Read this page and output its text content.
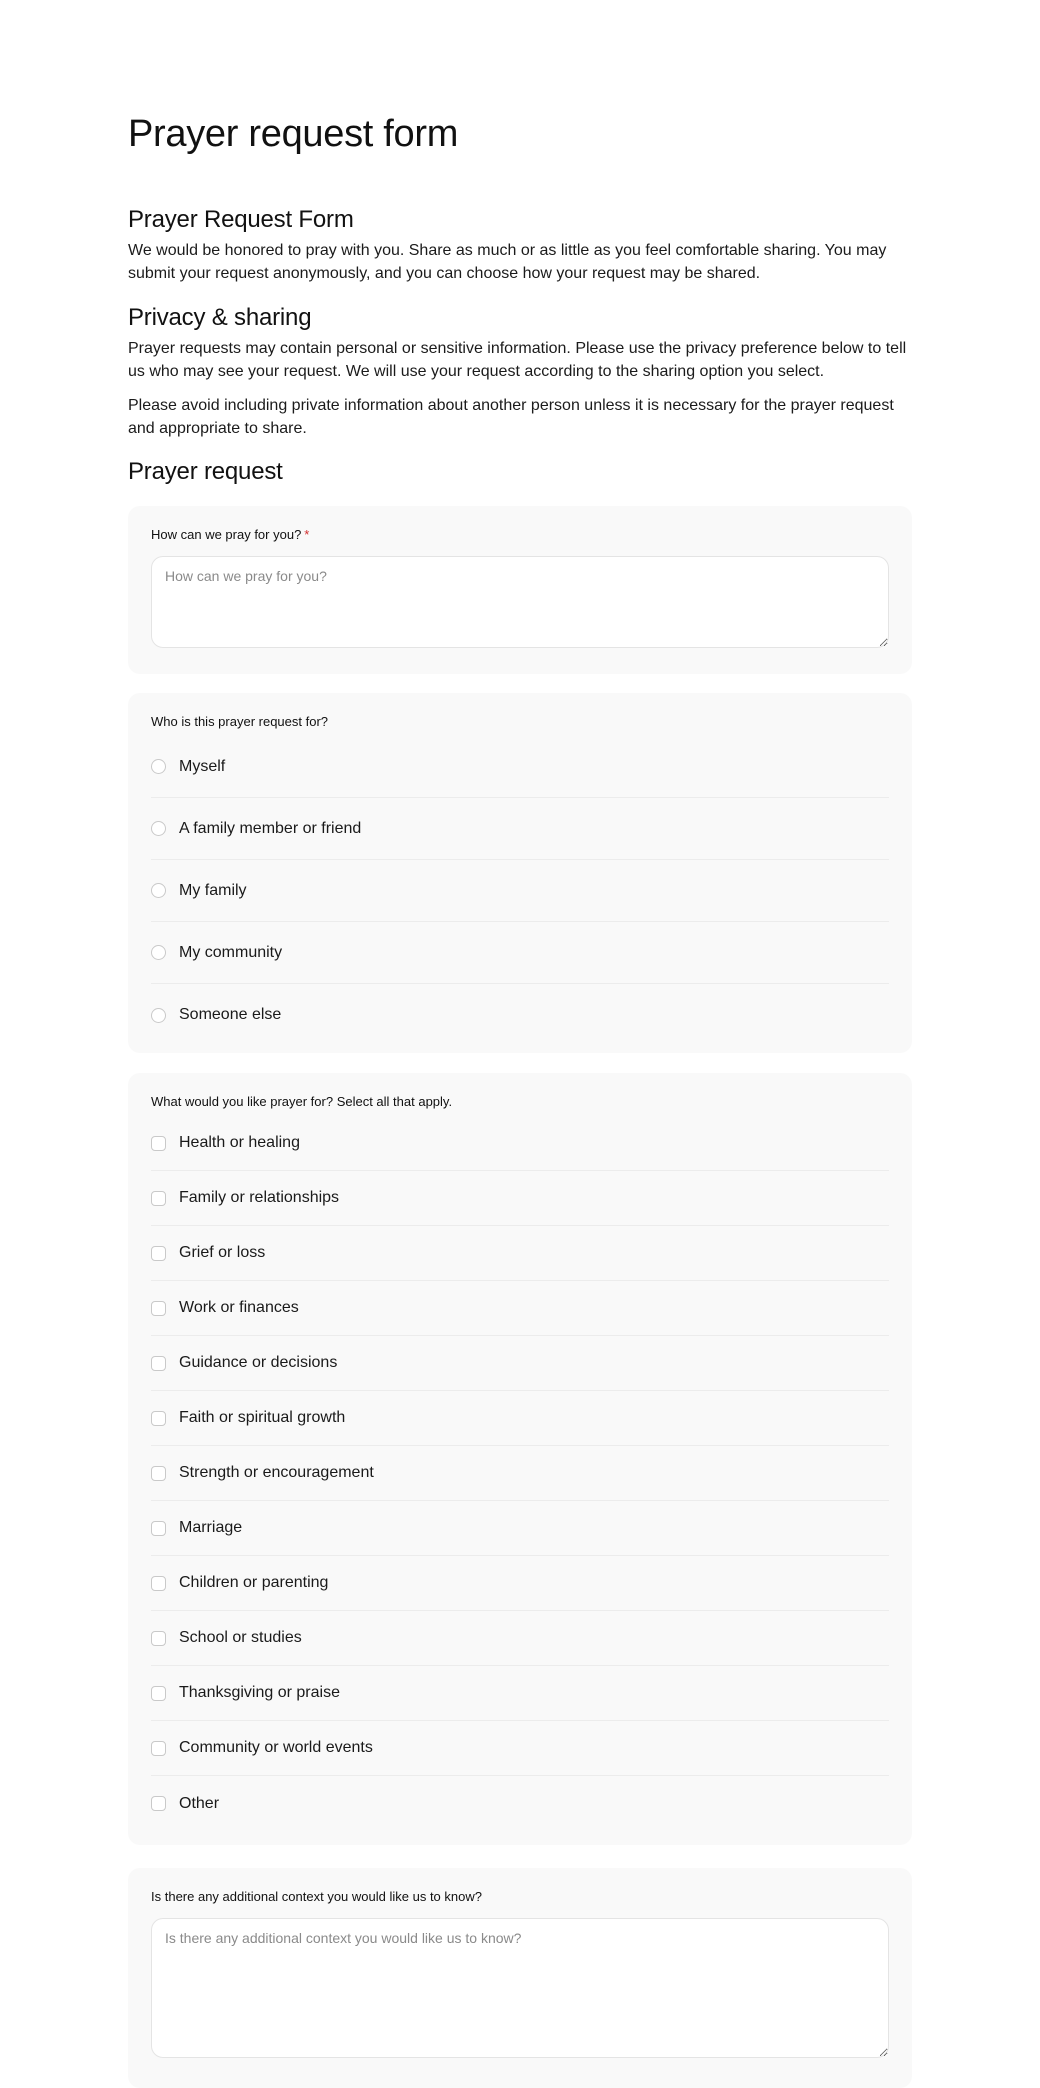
Prayer request form
Prayer Request Form

We would be honored to pray with you. Share as much or as little as you feel comfortable sharing. You may submit your request anonymously, and you can choose how your request may be shared.

Privacy & sharing

Prayer requests may contain personal or sensitive information. Please use the privacy preference below to tell us who may see your request. We will use your request according to the sharing option you select.

Please avoid including private information about another person unless it is necessary for the prayer request and appropriate to share.

Prayer request
How can we pray for you? *
How can we pray for you?
Who is this prayer request for?
Myself
A family member or friend
My family
My community
Someone else
What would you like prayer for? Select all that apply.
Health or healing
Family or relationships
Grief or loss
Work or finances
Guidance or decisions
Faith or spiritual growth
Strength or encouragement
Marriage
Children or parenting
School or studies
Thanksgiving or praise
Community or world events
Other
Is there any additional context you would like us to know?
Is there any additional context you would like us to know?
